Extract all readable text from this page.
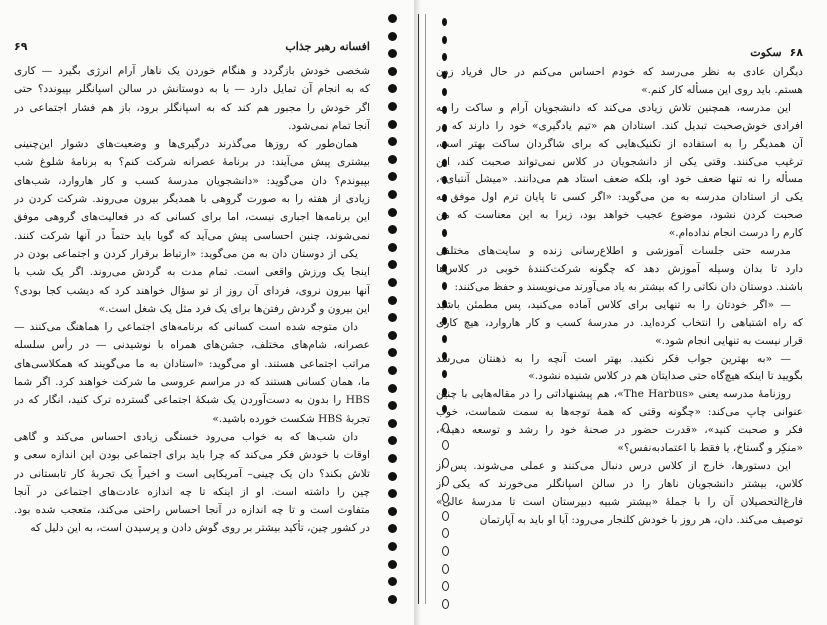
افسانه رهبر جذاب
۶۹
شخصی خودش بازگردد و هنگام خوردن یک ناهار آرام انرژی بگیرد — کاری
که به انجام آن تمایل دارد — یا به دوستانش در سالن اسپانگلر بپیوندد؟ حتی
اگر خودش را مجبور هم کند که به اسپانگلر برود، باز هم فشار اجتماعی در
آنجا تمام نمی‌شود.
همان‌طور که روزها می‌گذرند درگیری‌ها و وضعیت‌های دشوار این‌چنینی
بیشتری پیش می‌آیند: در برنامهٔ عصرانه شرکت کنم؟ به برنامهٔ شلوغ شب
بپیوندم؟ دان می‌گوید: «دانشجویان مدرسهٔ کسب و کار هاروارد، شب‌های
زیادی از هفته را به صورت گروهی با همدیگر بیرون می‌روند. شرکت کردن در
این برنامه‌ها اجباری نیست، اما برای کسانی که در فعالیت‌های گروهی موفق
نمی‌شوند، چنین احساسی پیش می‌آید که گویا باید حتماً در آنها شرکت کنند.
یکی از دوستان دان به من می‌گوید: «ارتباط برقرار کردن و اجتماعی بودن در
اینجا یک ورزش واقعی است. تمام مدت به گردش می‌روند. اگر یک شب با
آنها بیرون نروی، فردای آن روز از تو سؤال خواهند کرد که دیشب کجا بودی؟
این بیرون و گردش رفتن‌ها برای یک فرد مثل یک شغل است.»
دان متوجه شده است کسانی که برنامه‌های اجتماعی را هماهنگ می‌کنند —
عصرانه، شام‌های مختلف، جشن‌های همراه با نوشیدنی — در رأس سلسله
مراتب اجتماعی هستند. او می‌گوید: «استادان به ما می‌گویند که همکلاسی‌های
ما، همان کسانی هستند که در مراسم عروسی ما شرکت خواهند کرد. اگر شما
HBS را بدون به دست‌آوردن یک شبکهٔ اجتماعی گسترده ترک کنید، انگار که در
تجربهٔ HBS شکست خورده باشید.»
دان شب‌ها که به خواب می‌رود خستگی زیادی احساس می‌کند و گاهی
اوقات با خودش فکر می‌کند که چرا باید برای اجتماعی بودن این اندازه سعی و
تلاش بکند؟ دان یک چینی– آمریکایی است و اخیراً یک تجربهٔ کار تابستانی در
چین را داشته است. او از اینکه تا چه اندازه عادت‌های اجتماعی در آنجا
متفاوت است و تا چه اندازه در آنجا احساس راحتی می‌کند، متعجب شده بود.
در کشور چین، تأکید بیشتر بر روی گوش دادن و پرسیدن است، به این دلیل که
۶۸
سکوت
دیگران عادی به نظر می‌رسد که خودم احساس می‌کنم در حال فریاد زدن
هستم. باید روی این مسأله کار کنم.»
این مدرسه، همچنین تلاش زیادی می‌کند که دانشجویان آرام و ساکت را به
افرادی خوش‌صحبت تبدیل کند. استادان هم «تیم یادگیری» خود را دارند که در
آن همدیگر را به استفاده از تکنیک‌هایی که برای شاگردان ساکت بهتر است،
ترغیب می‌کنند. وقتی یکی از دانشجویان در کلاس نمی‌تواند صحبت کند، این
مسأله را نه تنها ضعف خود او، بلکه ضعف استاد هم می‌دانند. «میشل آنتبای»،
یکی از استادان مدرسه به من می‌گوید: «اگر کسی تا پایان ترم اول موفق به
صحبت کردن نشود، موضوع عجیب خواهد بود، زیرا به این معناست که من
کارم را درست انجام نداده‌ام.»
مدرسه حتی جلسات آموزشی و اطلاع‌رسانی زنده و سایت‌های مختلفی
دارد تا بدان وسیله آموزش دهد که چگونه شرکت‌کنندهٔ خوبی در کلاس‌ها
باشند. دوستان دان نکاتی را که بیشتر به یاد می‌آورند می‌نویسند و حفظ می‌کنند:
— «اگر خودتان را به تنهایی برای کلاس آماده می‌کنید، پس مطمئن باشید
که راه اشتباهی را انتخاب کرده‌اید. در مدرسهٔ کسب و کار هاروارد، هیچ کاری
قرار نیست به تنهایی انجام شود.»
— «به بهترین جواب فکر نکنید. بهتر است آنچه را به ذهنتان می‌رسد
بگویید تا اینکه هیچ‌گاه حتی صدایتان هم در کلاس شنیده نشود.»
روزنامهٔ مدرسه یعنی «The Harbus»، هم پیشنهاداتی را در مقاله‌هایی با چنین
عنوانی چاپ می‌کند: «چگونه وقتی که همهٔ توجه‌ها به سمت شماست، خوب
فکر و صحبت کنید»، «قدرت حضور در صحنهٔ خود را رشد و توسعه دهید»،
«منکِر و گستاخ، یا فقط با اعتمادبه‌نفس؟»
این دستورها، خارج از کلاس درس دنبال می‌کنند و عملی می‌شوند. پس از
کلاس، بیشتر دانشجویان ناهار را در سالن اسپانگلر می‌خورند که یکی از
فارغ‌التحصیلان آن را با جملهٔ «بیشتر شبیه دبیرستان است تا مدرسهٔ عالی»
توصیف می‌کند. دان، هر روز با خودش کلنجار می‌رود: آیا او باید به آپارتمان
